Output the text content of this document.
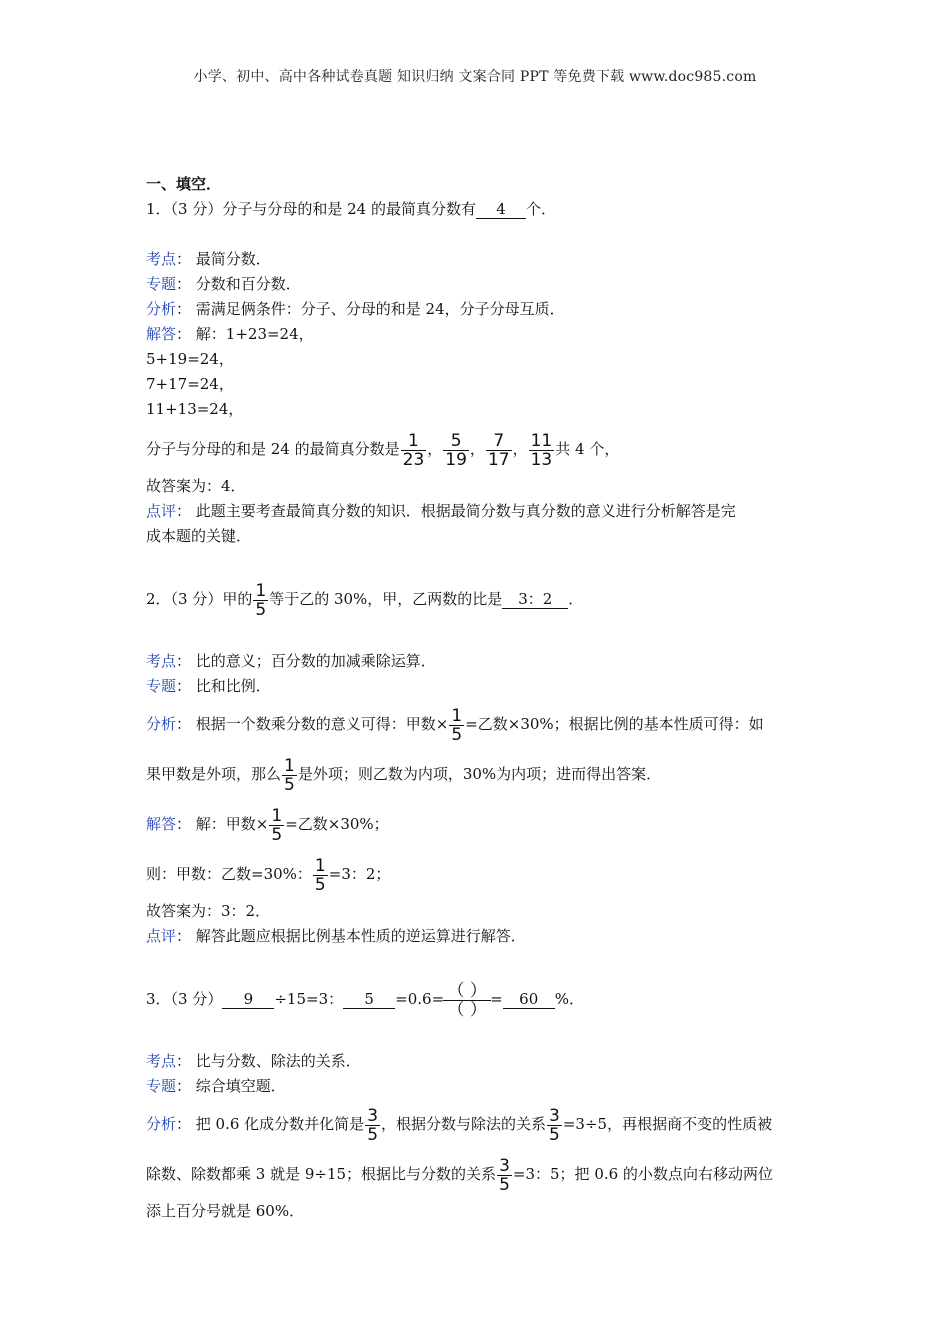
小学、初中、高中各种试卷真题 知识归纳 文案合同 PPT 等免费下载 www.doc985.com
一、填空．
1．（3 分）分子与分母的和是 24 的最简真分数有 4 个．
考点： 最简分数．
专题： 分数和百分数．
分析： 需满足俩条件：分子、分母的和是 24，分子分母互质．
解答： 解：1+23=24，
5+19=24，
7+17=24，
11+13=24，
分子与分母的和是 24 的最简真分数是 $\frac{1}{23}$ ， $\frac{5}{19}$ ， $\frac{7}{17}$ ， $\frac{11}{13}$ 共 4 个，
故答案为：4．
点评： 此题主要考查最简真分数的知识．根据最简分数与真分数的意义进行分析解答是完
成本题的关键．
2．（3 分）甲的 $\frac{1}{5}$ 等于乙的 30%，甲，乙两数的比是 3：2 ．
考点： 比的意义；百分数的加减乘除运算．
专题： 比和比例．
分析： 根据一个数乘分数的意义可得：甲数× $\frac{1}{5}$ =乙数×30%；根据比例的基本性质可得：如
果甲数是外项，那么 $\frac{1}{5}$ 是外项；则乙数为内项，30%为内项；进而得出答案．
解答： 解：甲数× $\frac{1}{5}$ =乙数×30%；
则：甲数：乙数=30%： $\frac{1}{5} =3$：2；
故答案为：3：2．
点评： 解答此题应根据比例基本性质的逆运算进行解答．
3．（3 分） 9 ÷15=3： $5 =0.6= \frac{( )}{( )} = 60$ %．
考点： 比与分数、除法的关系．
专题： 综合填空题．
分析： 把 0.6 化成分数并化简是 $\frac{3}{5}$ ，根据分数与除法的关系 $\frac{3}{5} =3\div 5$，再根据商不变的性质被
除数、除数都乘 3 就是 9÷15；根据比与分数的关系 $\frac{3}{5} =3$：5；把 0.6 的小数点向右移动两位
添上百分号就是 60%．
